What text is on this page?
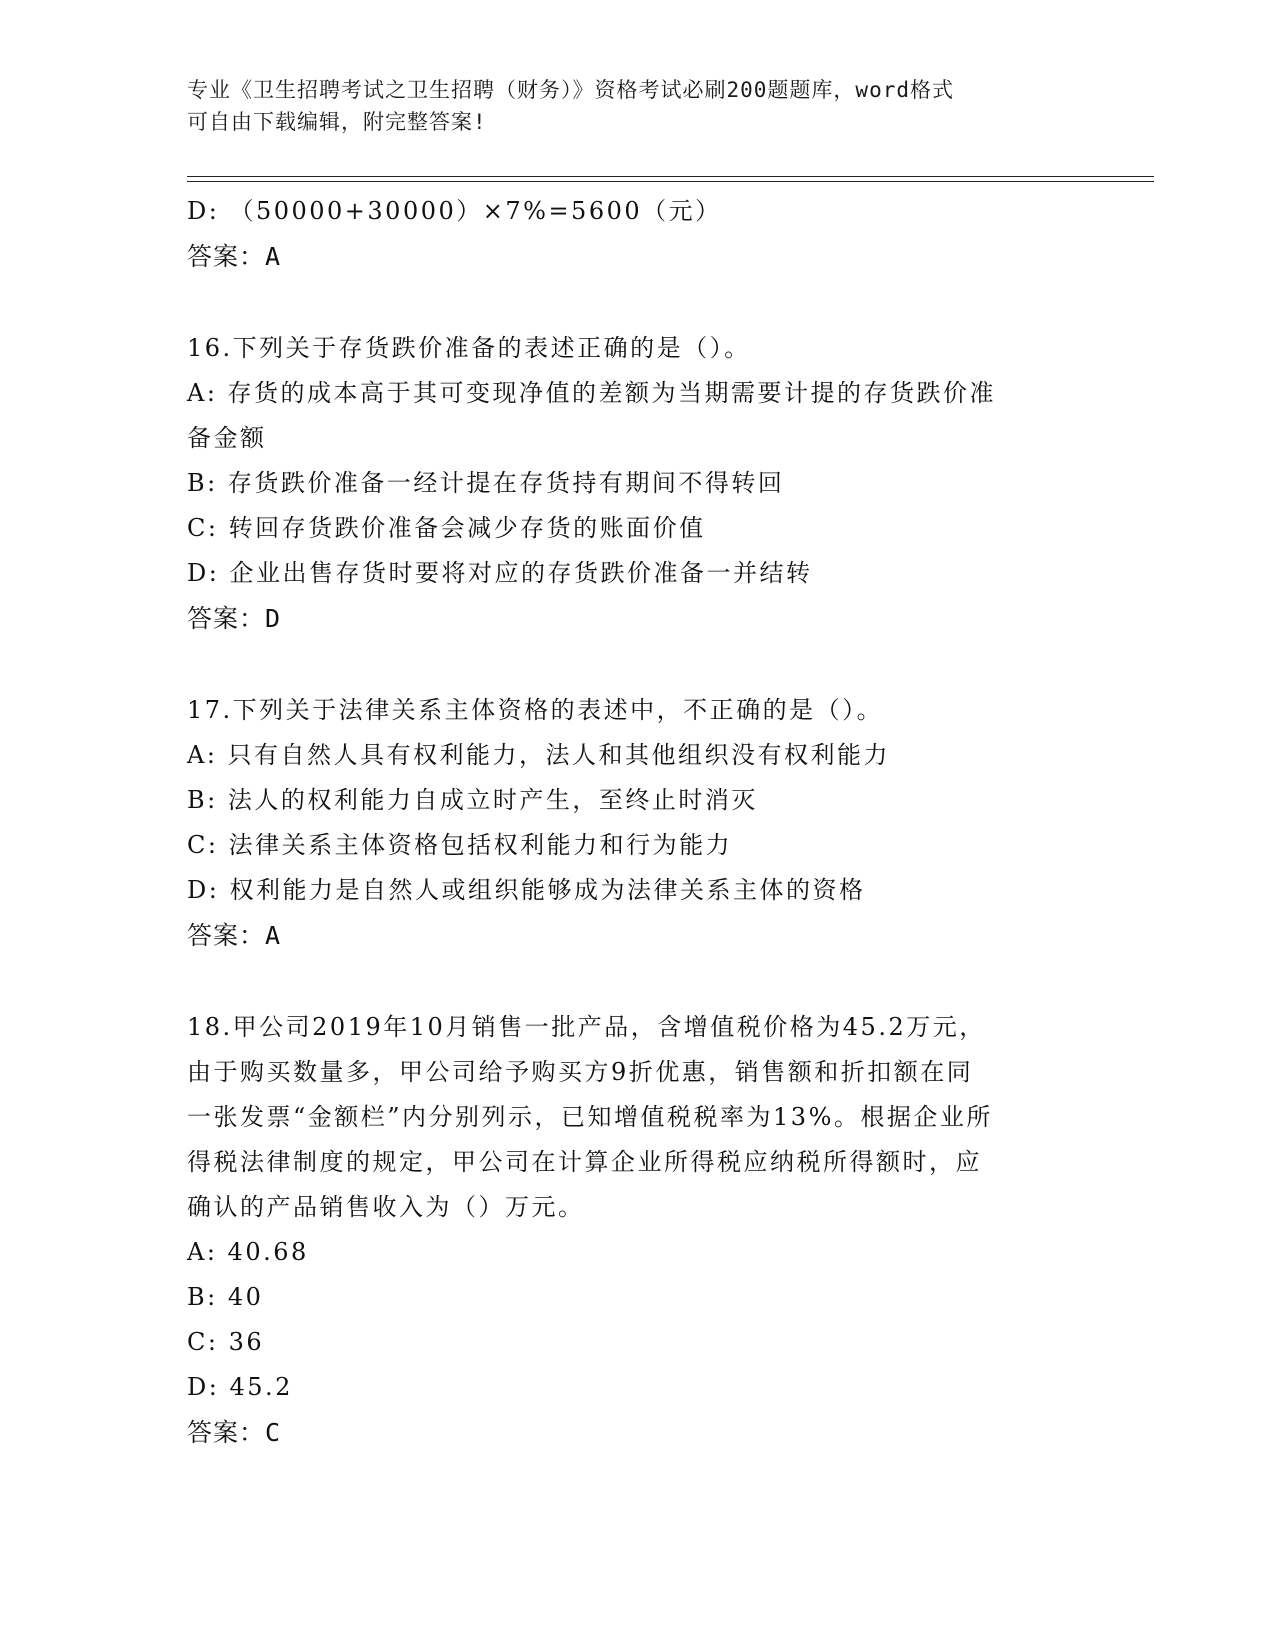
专业《卫生招聘考试之卫生招聘（财务）》资格考试必刷200题题库，word格式
可自由下载编辑，附完整答案!
D: （50000+30000）×7%=5600（元）
答案：A
16.下列关于存货跌价准备的表述正确的是（）。
A: 存货的成本高于其可变现净值的差额为当期需要计提的存货跌价准
备金额
B: 存货跌价准备一经计提在存货持有期间不得转回
C: 转回存货跌价准备会减少存货的账面价值
D: 企业出售存货时要将对应的存货跌价准备一并结转
答案：D
17.下列关于法律关系主体资格的表述中，不正确的是（）。
A: 只有自然人具有权利能力，法人和其他组织没有权利能力
B: 法人的权利能力自成立时产生，至终止时消灭
C: 法律关系主体资格包括权利能力和行为能力
D: 权利能力是自然人或组织能够成为法律关系主体的资格
答案：A
18.甲公司2019年10月销售一批产品，含增值税价格为45.2万元，
由于购买数量多，甲公司给予购买方9折优惠，销售额和折扣额在同
一张发票“金额栏”内分别列示，已知增值税税率为13%。根据企业所
得税法律制度的规定，甲公司在计算企业所得税应纳税所得额时，应
确认的产品销售收入为（）万元。
A: 40.68
B: 40
C: 36
D: 45.2
答案：C
